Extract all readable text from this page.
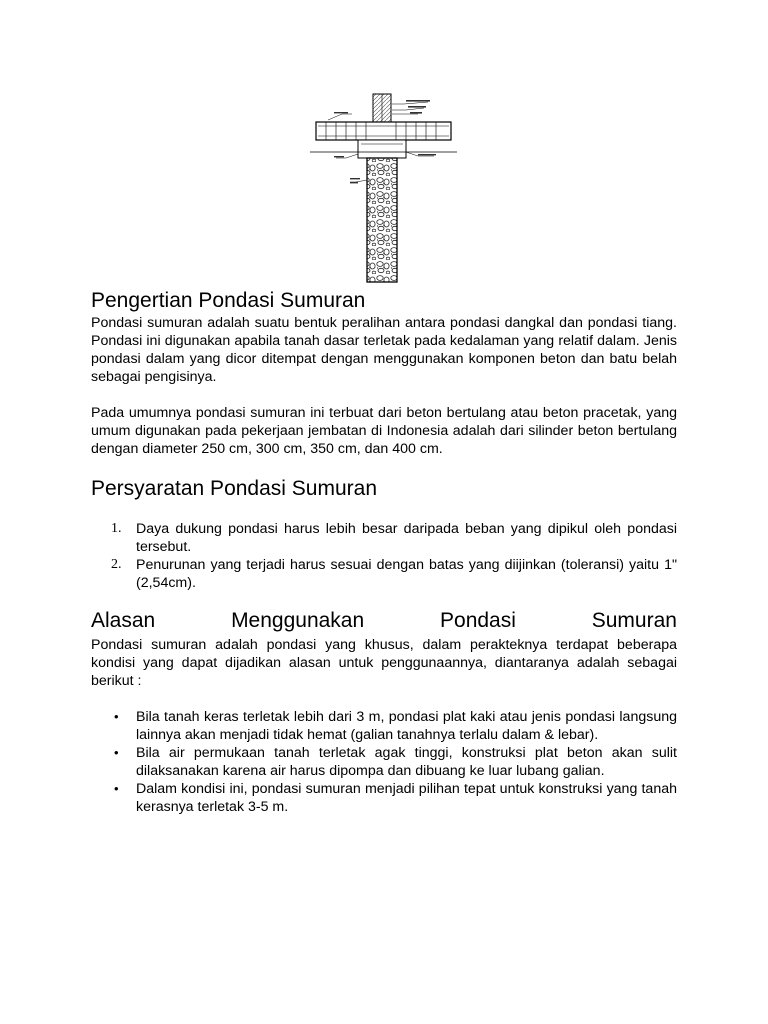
Pengertian Pondasi Sumuran

Pondasi sumuran adalah suatu bentuk peralihan antara pondasi dangkal dan pondasi tiang. Pondasi ini digunakan apabila tanah dasar terletak pada kedalaman yang relatif dalam. Jenis pondasi dalam yang dicor ditempat dengan menggunakan komponen beton dan batu belah sebagai pengisinya.

Pada umumnya pondasi sumuran ini terbuat dari beton bertulang atau beton pracetak, yang umum digunakan pada pekerjaan jembatan di Indonesia adalah dari silinder beton bertulang dengan diameter 250 cm, 300 cm, 350 cm, dan 400 cm.

Persyaratan Pondasi Sumuran
1.	Daya dukung pondasi harus lebih besar daripada beban yang dipikul oleh pondasi tersebut.
2.	Penurunan yang terjadi harus sesuai dengan batas yang diijinkan (toleransi) yaitu 1" (2,54cm).
Alasan	Menggunakan	Pondasi	Sumuran

Pondasi sumuran adalah pondasi yang khusus, dalam perakteknya terdapat beberapa kondisi yang dapat dijadikan alasan untuk penggunaannya, diantaranya adalah sebagai berikut :

•	Bila tanah keras terletak lebih dari 3 m, pondasi plat kaki atau jenis pondasi langsung lainnya akan menjadi tidak hemat (galian tanahnya terlalu dalam & lebar).
•	Bila air permukaan tanah terletak agak tinggi, konstruksi plat beton akan sulit dilaksanakan karena air harus dipompa dan dibuang ke luar lubang galian.
•	Dalam kondisi ini, pondasi sumuran menjadi pilihan tepat untuk konstruksi yang tanah kerasnya terletak 3-5 m.
